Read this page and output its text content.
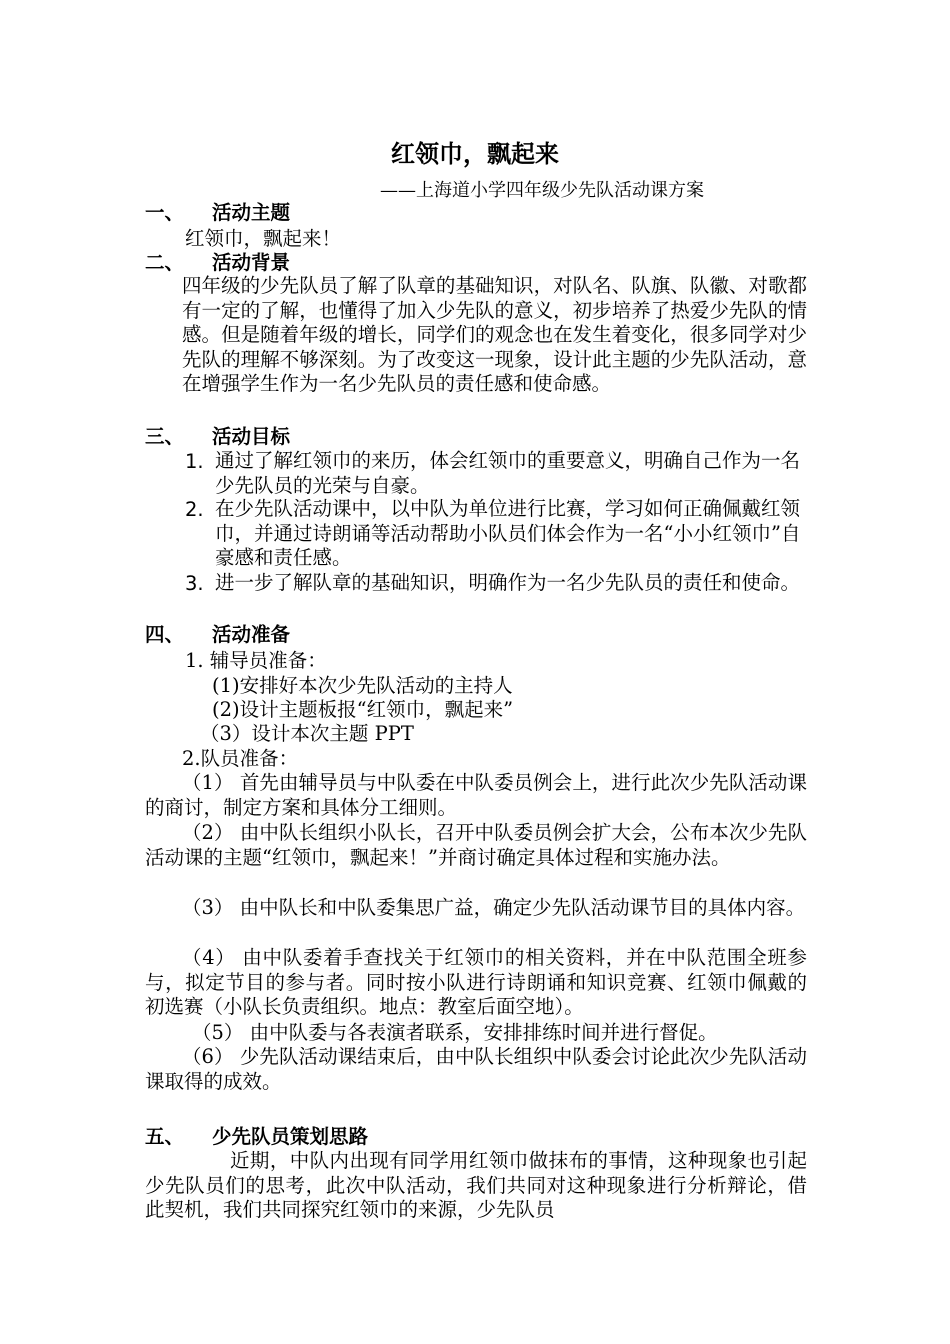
红领巾，飘起来
——上海道小学四年级少先队活动课方案
一、 活动主题
红领巾，飘起来！
二、 活动背景
四年级的少先队员了解了队章的基础知识，对队名、队旗、队徽、对歌都有一定的了解，也懂得了加入少先队的意义，初步培养了热爱少先队的情感。但是随着年级的增长，同学们的观念也在发生着变化，很多同学对少先队的理解不够深刻。为了改变这一现象，设计此主题的少先队活动，意在增强学生作为一名少先队员的责任感和使命感。
三、 活动目标
1. 通过了解红领巾的来历，体会红领巾的重要意义，明确自己作为一名少先队员的光荣与自豪。
2. 在少先队活动课中，以中队为单位进行比赛，学习如何正确佩戴红领巾，并通过诗朗诵等活动帮助小队员们体会作为一名“小小红领巾”自豪感和责任感。
3. 进一步了解队章的基础知识，明确作为一名少先队员的责任和使命。
四、 活动准备
1. 辅导员准备：
(1)安排好本次少先队活动的主持人
(2)设计主题板报“红领巾，飘起来”
（3）设计本次主题 PPT
2.队员准备：
（1） 首先由辅导员与中队委在中队委员例会上，进行此次少先队活动课的商讨，制定方案和具体分工细则。
（2） 由中队长组织小队长，召开中队委员例会扩大会，公布本次少先队活动课的主题“红领巾，飘起来！”并商讨确定具体过程和实施办法。
（3） 由中队长和中队委集思广益，确定少先队活动课节目的具体内容。
（4） 由中队委着手查找关于红领巾的相关资料，并在中队范围全班参与，拟定节目的参与者。同时按小队进行诗朗诵和知识竞赛、红领巾佩戴的初选赛（小队长负责组织。地点：教室后面空地）。
（5） 由中队委与各表演者联系，安排排练时间并进行督促。
（6） 少先队活动课结束后，由中队长组织中队委会讨论此次少先队活动课取得的成效。
五、 少先队员策划思路
近期，中队内出现有同学用红领巾做抹布的事情，这种现象也引起少先队员们的思考，此次中队活动，我们共同对这种现象进行分析辩论，借此契机，我们共同探究红领巾的来源，少先队员
